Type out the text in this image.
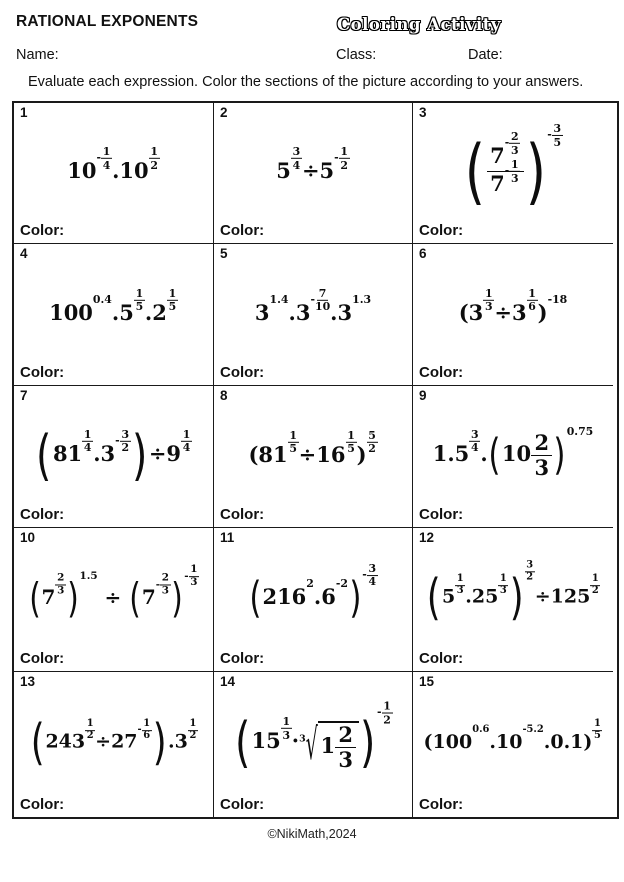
RATIONAL EXPONENTS	Coloring Activity
Name:	Class:	Date:
Evaluate each expression. Color the sections of the picture according to your answers.
1
$10- \frac{1}{4} .10 \frac{1}{2}$
Color:
2
$5 \frac{3}{4} \div 5- \frac{1}{2}$
Color:
3
( $\frac{7- \frac{2}{3}}{7- \frac{1}{3}}$ ) - $\frac{3}{5}$
Color:
4
$1000.4.5 \frac{1}{5} .2 \frac{1}{5}$
Color:
5
$31.4.3- \frac{7}{10} .31.3$
Color:
6
$(3 \frac{1}{3} \div 3 \frac{1}{6} )-18$
Color:
7
$(81 \frac{1}{4} .3- \frac{3}{2} )\div 9 \frac{1}{4}$
Color:
8
($81 \frac{1}{5} \div 16 \frac{1}{5}$ ) $\frac{5}{2}$
Color:
9
$1.5 \frac{3}{4} .(10 \frac{2}{3} )0.75$
Color:
10
(7
$\frac{2}{3} )1.5 \div (7- \frac{2}{3}$ )- $\frac{1}{3}$
Color:
11
$(2162.6-2)- \frac{3}{4}$
Color:
12
(5
$\frac{1}{3}$
.25
$\frac{1}{3}$ ) $\frac{3}{2}$
÷125
$\frac{1}{2}$
Color:
13
(243
$\frac{1}{2}$
$\div 27- \frac{1}{6} ).3$
$\frac{1}{2}$
Color:
14
($15 \frac{1}{3} \cdot 3$ √ $1 \frac{2}{3}$ )- $\frac{1}{2}$
Color:
15
(1000.6.10-5.2.0.1)
$\frac{1}{5}$
Color:
©NikiMath,2024
